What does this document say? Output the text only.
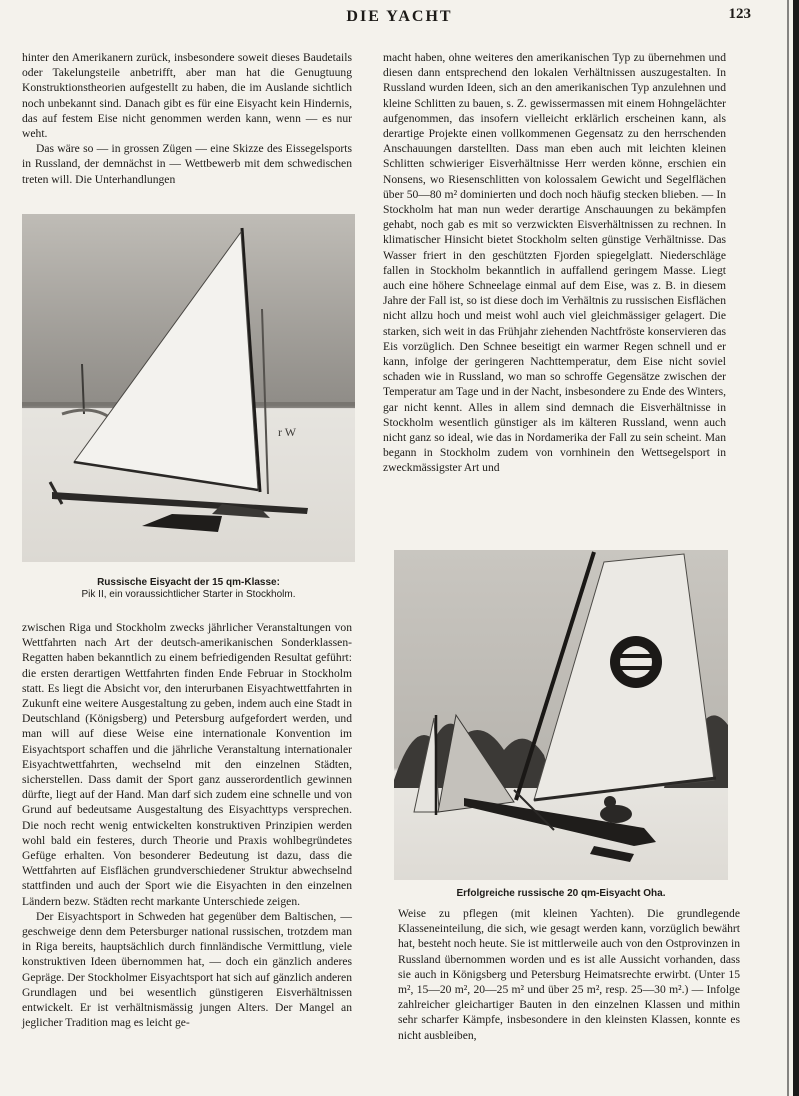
DIE YACHT	123

hinter den Amerikanern zurück, insbesondere soweit dieses Baudetails oder Takelungsteile anbetrifft, aber man hat die Genugtuung Konstruktionstheorien aufgestellt zu haben, die im Auslande sichtlich noch unbekannt sind. Danach gibt es für eine Eisyacht kein Hindernis, das auf festem Eise nicht genommen werden kann, wenn — es nur weht.

Das wäre so — in grossen Zügen — eine Skizze des Eissegelsports in Russland, der demnächst in — Wettbewerb mit dem schwedischen treten will. Die Unterhandlungen

r W
Russische Eisyacht der 15 qm-Klasse:
Pik II, ein voraussichtlicher Starter in Stockholm.

zwischen Riga und Stockholm zwecks jährlicher Veranstaltungen von Wettfahrten nach Art der deutsch-amerikanischen Sonderklassen-Regatten haben bekanntlich zu einem befriedigenden Resultat geführt: die ersten derartigen Wettfahrten finden Ende Februar in Stockholm statt. Es liegt die Absicht vor, den interurbanen Eisyachtwettfahrten in Zukunft eine weitere Ausgestaltung zu geben, indem auch eine Stadt in Deutschland (Königsberg) und Petersburg aufgefordert werden, und man will auf diese Weise eine internationale Konvention im Eisyachtsport schaffen und die jährliche Veranstaltung internationaler Eisyachtwettfahrten, wechselnd mit den einzelnen Städten, sicherstellen. Dass damit der Sport ganz ausserordentlich gewinnen dürfte, liegt auf der Hand. Man darf sich zudem eine schnelle und von Grund auf bedeutsame Ausgestaltung des Eisyachttyps versprechen. Die noch recht wenig entwickelten konstruktiven Prinzipien werden wohl bald ein festeres, durch Theorie und Praxis wohlbegründetes Gefüge erhalten. Von besonderer Bedeutung ist dazu, dass die Wettfahrten auf Eisflächen grundverschiedener Struktur abwechselnd stattfinden und auch der Sport wie die Eisyachten in den einzelnen Ländern bezw. Städten recht markante Unterschiede zeigen.

Der Eisyachtsport in Schweden hat gegenüber dem Baltischen, — geschweige denn dem Petersburger national russischen, trotzdem man in Riga bereits, hauptsächlich durch finnländische Vermittlung, viele konstruktiven Ideen übernommen hat, — doch ein gänzlich anderes Gepräge. Der Stockholmer Eisyachtsport hat sich auf gänzlich anderen Grundlagen und bei wesentlich günstigeren Eisverhältnissen entwickelt. Er ist verhältnismässig jungen Alters. Der Mangel an jeglicher Tradition mag es leicht ge-

macht haben, ohne weiteres den amerikanischen Typ zu übernehmen und diesen dann entsprechend den lokalen Verhältnissen auszugestalten. In Russland wurden Ideen, sich an den amerikanischen Typ anzulehnen und kleine Schlitten zu bauen, s. Z. gewissermassen mit einem Hohngelächter aufgenommen, das insofern vielleicht erklärlich erscheinen kann, als derartige Projekte einen vollkommenen Gegensatz zu den herrschenden Anschauungen darstellten. Dass man eben auch mit leichten kleinen Schlitten schwieriger Eisverhältnisse Herr werden könne, erschien ein Nonsens, wo Riesenschlitten von kolossalem Gewicht und Segelflächen über 50—80 m² dominierten und doch noch häufig stecken blieben. — In Stockholm hat man nun weder derartige Anschauungen zu bekämpfen gehabt, noch gab es mit so verzwickten Eisverhältnissen zu rechnen. In klimatischer Hinsicht bietet Stockholm selten günstige Verhältnisse. Das Wasser friert in den geschützten Fjorden spiegelglatt. Niederschläge fallen in Stockholm bekanntlich in auffallend geringem Masse. Liegt auch eine höhere Schneelage einmal auf dem Eise, was z. B. in diesem Jahre der Fall ist, so ist diese doch im Verhältnis zu russischen Eisflächen nicht allzu hoch und meist wohl auch viel gleichmässiger gelagert. Die starken, sich weit in das Frühjahr ziehenden Nachtfröste konservieren das Eis vorzüglich. Den Schnee beseitigt ein warmer Regen schnell und er kann, infolge der geringeren Nachttemperatur, dem Eise nicht soviel schaden wie in Russland, wo man so schroffe Gegensätze zwischen der Temperatur am Tage und in der Nacht, insbesondere zu Ende des Winters, gar nicht kennt. Alles in allem sind demnach die Eisverhältnisse in Stockholm wesentlich günstiger als im kälteren Russland, wenn auch nicht ganz so ideal, wie das in Nordamerika der Fall zu sein scheint. Man begann in Stockholm zudem von vornhinein den Wettsegelsport in zweckmässigster Art und

Erfolgreiche russische 20 qm-Eisyacht Oha.

Weise zu pflegen (mit kleinen Yachten). Die grundlegende Klasseneinteilung, die sich, wie gesagt werden kann, vorzüglich bewährt hat, besteht noch heute. Sie ist mittlerweile auch von den Ostprovinzen in Russland übernommen worden und es ist alle Aussicht vorhanden, dass sie auch in Königsberg und Petersburg Heimatsrechte erwirbt. (Unter 15 m², 15—20 m², 20—25 m² und über 25 m², resp. 25—30 m².) — Infolge zahlreicher gleichartiger Bauten in den einzelnen Klassen und mithin sehr scharfer Kämpfe, insbesondere in den kleinsten Klassen, konnte es nicht ausbleiben,
